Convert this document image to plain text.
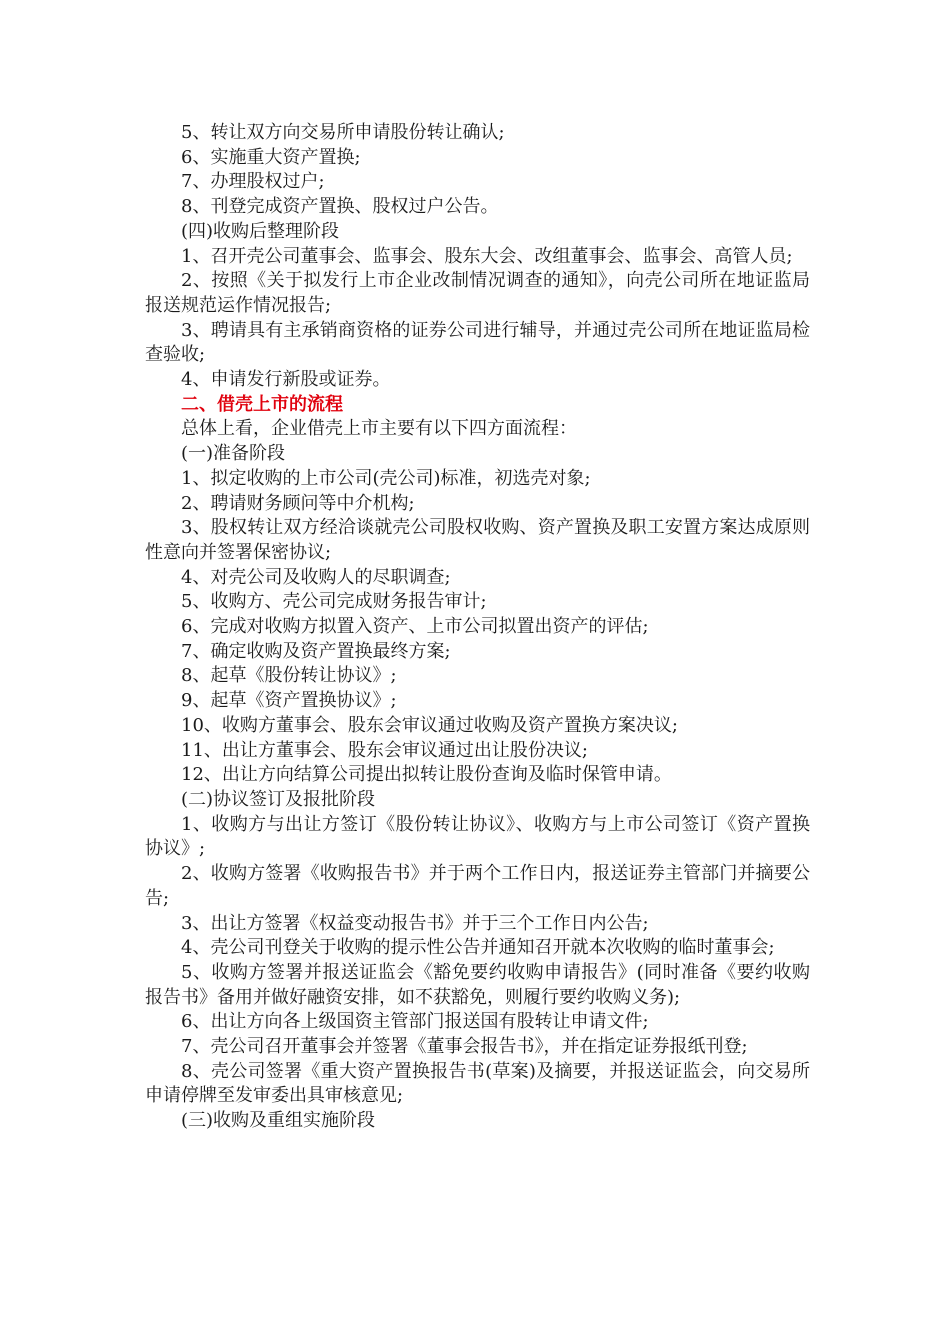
5、转让双方向交易所申请股份转让确认;

6、实施重大资产置换;

7、办理股权过户;

8、刊登完成资产置换、股权过户公告。

(四)收购后整理阶段

1、召开壳公司董事会、监事会、股东大会、改组董事会、监事会、高管人员;

2、按照《关于拟发行上市企业改制情况调查的通知》，向壳公司所在地证监局报送规范运作情况报告;

3、聘请具有主承销商资格的证券公司进行辅导，并通过壳公司所在地证监局检查验收;

4、申请发行新股或证券。

二、借壳上市的流程

总体上看，企业借壳上市主要有以下四方面流程：

(一)准备阶段

1、拟定收购的上市公司(壳公司)标准，初选壳对象;

2、聘请财务顾问等中介机构;

3、股权转让双方经洽谈就壳公司股权收购、资产置换及职工安置方案达成原则性意向并签署保密协议;

4、对壳公司及收购人的尽职调查;

5、收购方、壳公司完成财务报告审计;

6、完成对收购方拟置入资产、上市公司拟置出资产的评估;

7、确定收购及资产置换最终方案;

8、起草《股份转让协议》;

9、起草《资产置换协议》;

10、收购方董事会、股东会审议通过收购及资产置换方案决议;

11、出让方董事会、股东会审议通过出让股份决议;

12、出让方向结算公司提出拟转让股份查询及临时保管申请。

(二)协议签订及报批阶段

1、收购方与出让方签订《股份转让协议》、收购方与上市公司签订《资产置换协议》;

2、收购方签署《收购报告书》并于两个工作日内，报送证券主管部门并摘要公告;

3、出让方签署《权益变动报告书》并于三个工作日内公告;

4、壳公司刊登关于收购的提示性公告并通知召开就本次收购的临时董事会;

5、收购方签署并报送证监会《豁免要约收购申请报告》(同时准备《要约收购报告书》备用并做好融资安排，如不获豁免，则履行要约收购义务);

6、出让方向各上级国资主管部门报送国有股转让申请文件;

7、壳公司召开董事会并签署《董事会报告书》，并在指定证券报纸刊登;

8、壳公司签署《重大资产置换报告书(草案)及摘要，并报送证监会，向交易所申请停牌至发审委出具审核意见;

(三)收购及重组实施阶段
